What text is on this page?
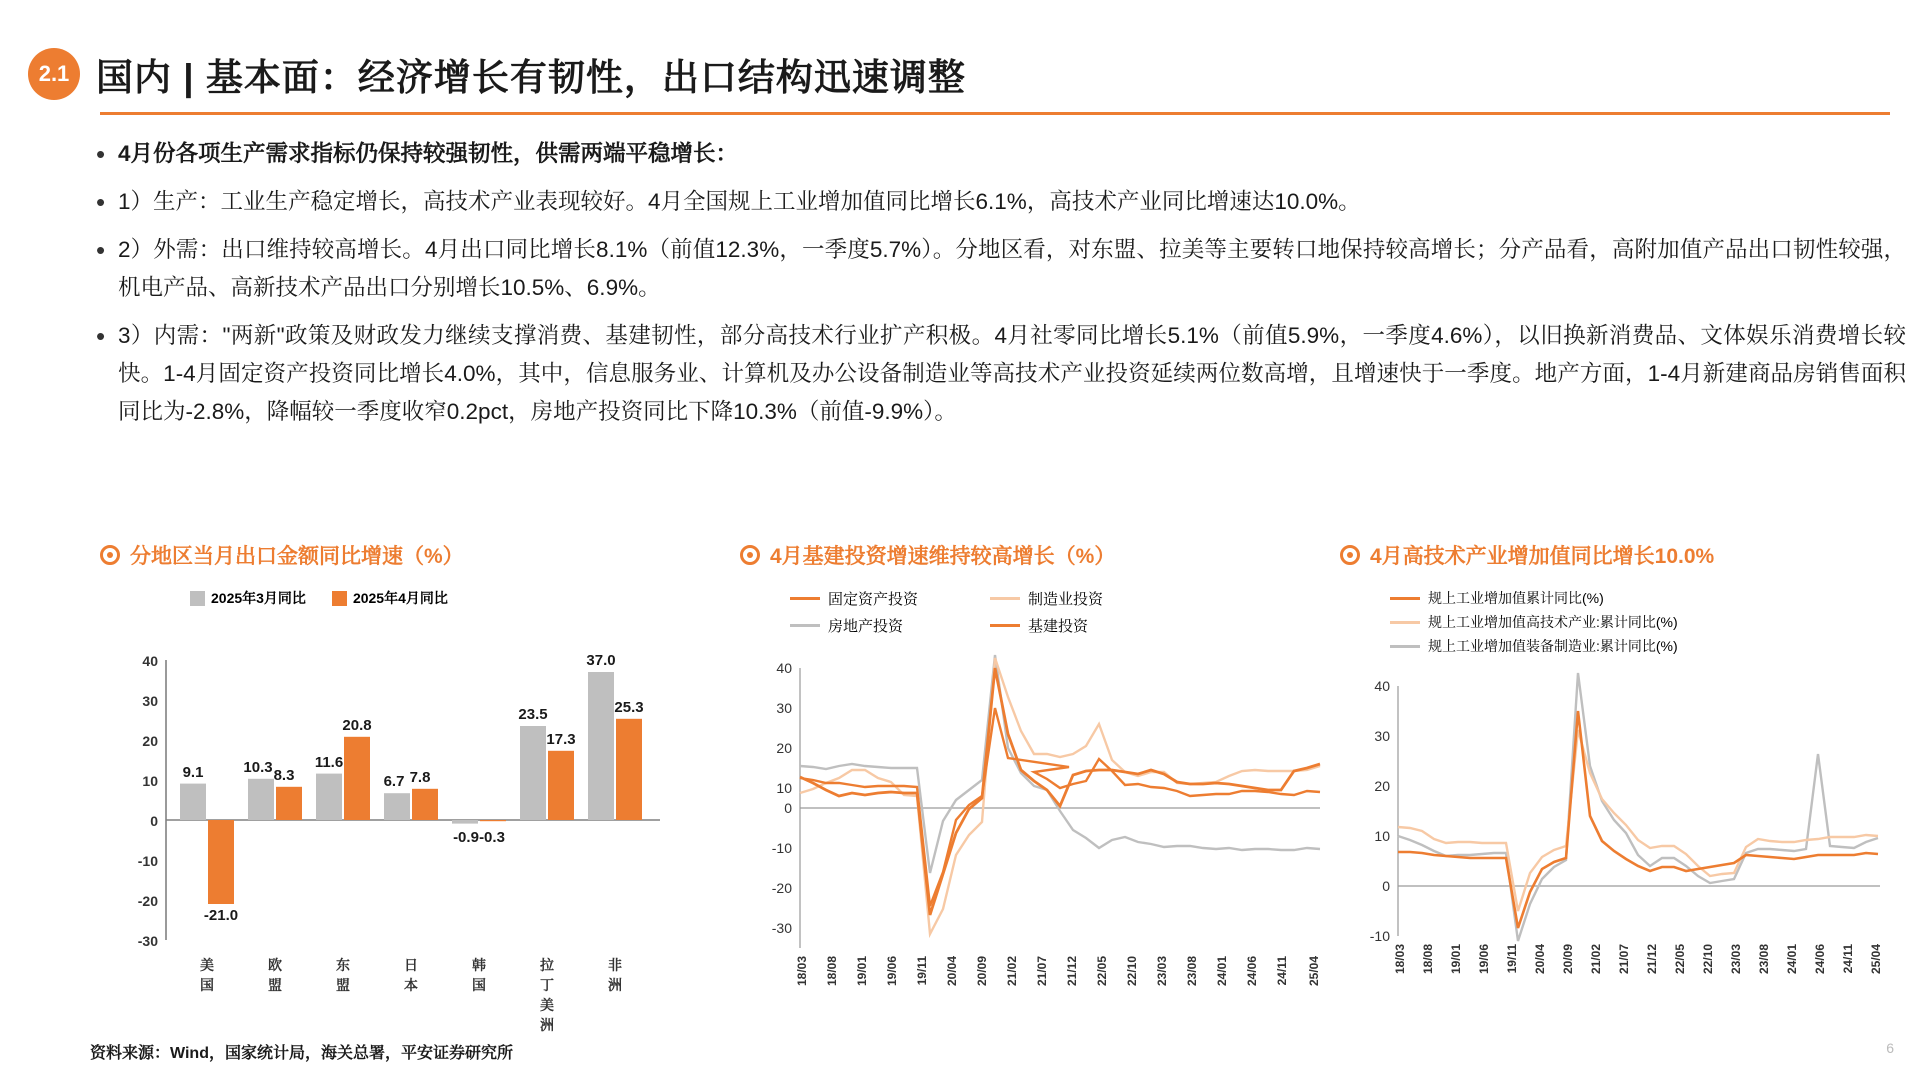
2.1 国内 | 基本面：经济增长有韧性，出口结构迅速调整
• 4月份各项生产需求指标仍保持较强韧性，供需两端平稳增长：
• 1）生产：工业生产稳定增长，高技术产业表现较好。4月全国规上工业增加值同比增长6.1%，高技术产业同比增速达10.0%。
• 2）外需：出口维持较高增长。4月出口同比增长8.1%（前值12.3%，一季度5.7%）。分地区看，对东盟、拉美等主要转口地保持较高增长；分产品看，高附加值产品出口韧性较强，机电产品、高新技术产品出口分别增长10.5%、6.9%。
• 3）内需："两新"政策及财政发力继续支撑消费、基建韧性，部分高技术行业扩产积极。4月社零同比增长5.1%（前值5.9%，一季度4.6%），以旧换新消费品、文体娱乐消费增长较快。1-4月固定资产投资同比增长4.0%，其中，信息服务业、计算机及办公设备制造业等高技术产业投资延续两位数高增，且增速快于一季度。地产方面，1-4月新建商品房销售面积同比为-2.8%，降幅较一季度收窄0.2pct，房地产投资同比下降10.3%（前值-9.9%）。
分地区当月出口金额同比增速（%）
2025年3月同比	2025年4月同比
40
30
20
10
0
-10
-20
-30
9.1
-21.0
10.3 8.3
11.6
20.8
6.7 7.8
-0.9 -0.3
23.5
17.3
37.0
25.3
美
国
欧
盟
东
盟
日
本
韩
国
拉
丁
美
洲
非
洲
4月基建投资增速维持较高增长（%）
固定资产投资	制造业投资
房地产投资	基建投资
40
30
20
10
0
-10
-20
-30
18/03 18/08 19/01 19/06 19/11 20/04 20/09 21/02 21/07 21/12 22/05 22/10 23/03 23/08 24/01 24/06 24/11 25/04
4月高技术产业增加值同比增长10.0%
规上工业增加值累计同比(%)
规上工业增加值高技术产业:累计同比(%)
规上工业增加值装备制造业:累计同比(%)
40
30
20
10
0
-10
18/03 18/08 19/01 19/06 19/11 20/04 20/09 21/02 21/07 21/12 22/05 22/10 23/03 23/08 24/01 24/06 24/11 25/04
资料来源：Wind，国家统计局，海关总署，平安证券研究所	6
